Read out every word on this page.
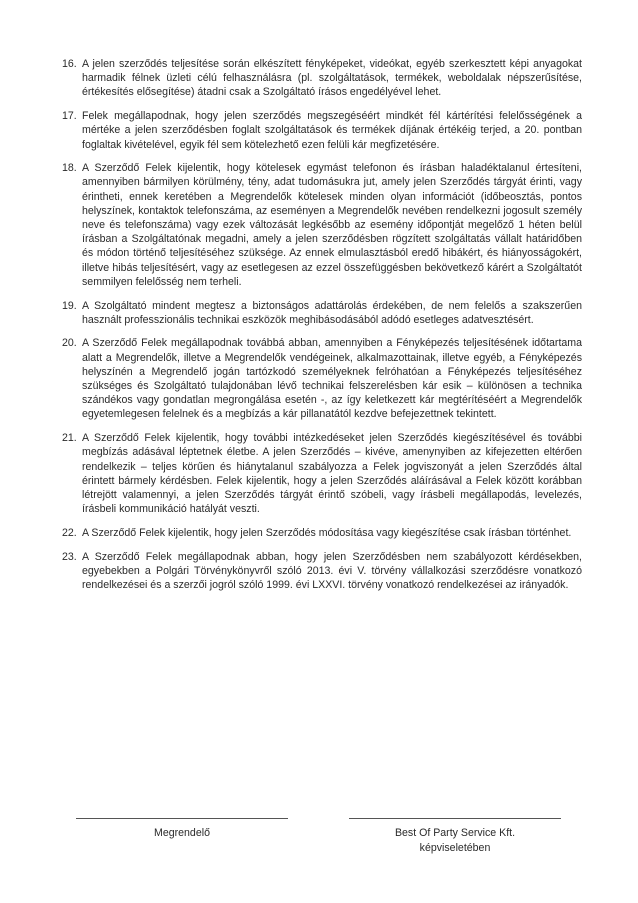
16. A jelen szerződés teljesítése során elkészített fényképeket, videókat, egyéb szerkesztett képi anyagokat harmadik félnek üzleti célú felhasználásra (pl. szolgáltatások, termékek, weboldalak népszerűsítése, értékesítés elősegítése) átadni csak a Szolgáltató írásos engedélyével lehet.
17. Felek megállapodnak, hogy jelen szerződés megszegéséért mindkét fél kártérítési felelősségének a mértéke a jelen szerződésben foglalt szolgáltatások és termékek díjának értékéig terjed, a 20. pontban foglaltak kivételével, egyik fél sem kötelezhető ezen felüli kár megfizetésére.
18. A Szerződő Felek kijelentik, hogy kötelesek egymást telefonon és írásban haladéktalanul értesíteni, amennyiben bármilyen körülmény, tény, adat tudomásukra jut, amely jelen Szerződés tárgyát érinti, vagy érintheti, ennek keretében a Megrendelők kötelesek minden olyan információt (időbeosztás, pontos helyszínek, kontaktok telefonszáma, az eseményen a Megrendelők nevében rendelkezni jogosult személy neve és telefonszáma) vagy ezek változását legkésőbb az esemény időpontját megelőző 1 héten belül írásban a Szolgáltatónak megadni, amely a jelen szerződésben rögzített szolgáltatás vállalt határidőben és módon történő teljesítéséhez szüksége. Az ennek elmulasztásból eredő hibákért, és hiányosságokért, illetve hibás teljesítésért, vagy az esetlegesen az ezzel összefüggésben bekövetkező kárért a Szolgáltatót semmilyen felelősség nem terheli.
19. A Szolgáltató mindent megtesz a biztonságos adattárolás érdekében, de nem felelős a szakszerűen használt professzionális technikai eszközök meghibásodásából adódó esetleges adatvesztésért.
20. A Szerződő Felek megállapodnak továbbá abban, amennyiben a Fényképezés teljesítésének időtartama alatt a Megrendelők, illetve a Megrendelők vendégeinek, alkalmazottainak, illetve egyéb, a Fényképezés helyszínén a Megrendelő jogán tartózkodó személyeknek felróhatóan a Fényképezés teljesítéséhez szükséges és Szolgáltató tulajdonában lévő technikai felszerelésben kár esik – különösen a technika szándékos vagy gondatlan megrongálása esetén -, az így keletkezett kár megtérítéséért a Megrendelők egyetemlegesen felelnek és a megbízás a kár pillanatától kezdve befejezettnek tekintett.
21. A Szerződő Felek kijelentik, hogy további intézkedéseket jelen Szerződés kiegészítésével és további megbízás adásával léptetnek életbe. A jelen Szerződés – kivéve, amenynyiben az kifejezetten eltérően rendelkezik – teljes körűen és hiánytalanul szabályozza a Felek jogviszonyát a jelen Szerződés által érintett bármely kérdésben. Felek kijelentik, hogy a jelen Szerződés aláírásával a Felek között korábban létrejött valamennyi, a jelen Szerződés tárgyát érintő szóbeli, vagy írásbeli megállapodás, levelezés, írásbeli kommunikáció hatályát veszti.
22. A Szerződő Felek kijelentik, hogy jelen Szerződés módosítása vagy kiegészítése csak írásban történhet.
23. A Szerződő Felek megállapodnak abban, hogy jelen Szerződésben nem szabályozott kérdésekben, egyebekben a Polgári Törvénykönyvről szóló 2013. évi V. törvény vállalkozási szerződésre vonatkozó rendelkezései és a szerzői jogról szóló 1999. évi LXXVI. törvény vonatkozó rendelkezései az irányadók.
Megrendelő	Best Of Party Service Kft.
képviseletében
